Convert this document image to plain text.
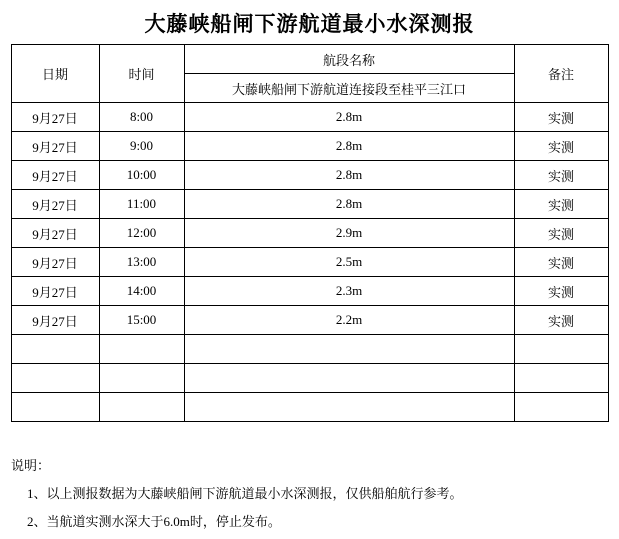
大藤峡船闸下游航道最小水深测报
日期	时间	航段名称	备注
		大藤峡船闸下游航道连接段至桂平三江口	
9月27日	8:00	2.8m	实测
9月27日	9:00	2.8m	实测
9月27日	10:00	2.8m	实测
9月27日	11:00	2.8m	实测
9月27日	12:00	2.9m	实测
9月27日	13:00	2.5m	实测
9月27日	14:00	2.3m	实测
9月27日	15:00	2.2m	实测

说明：

1、以上测报数据为大藤峡船闸下游航道最小水深测报，仅供船舶航行参考。

2、当航道实测水深大于6.0m时，停止发布。
